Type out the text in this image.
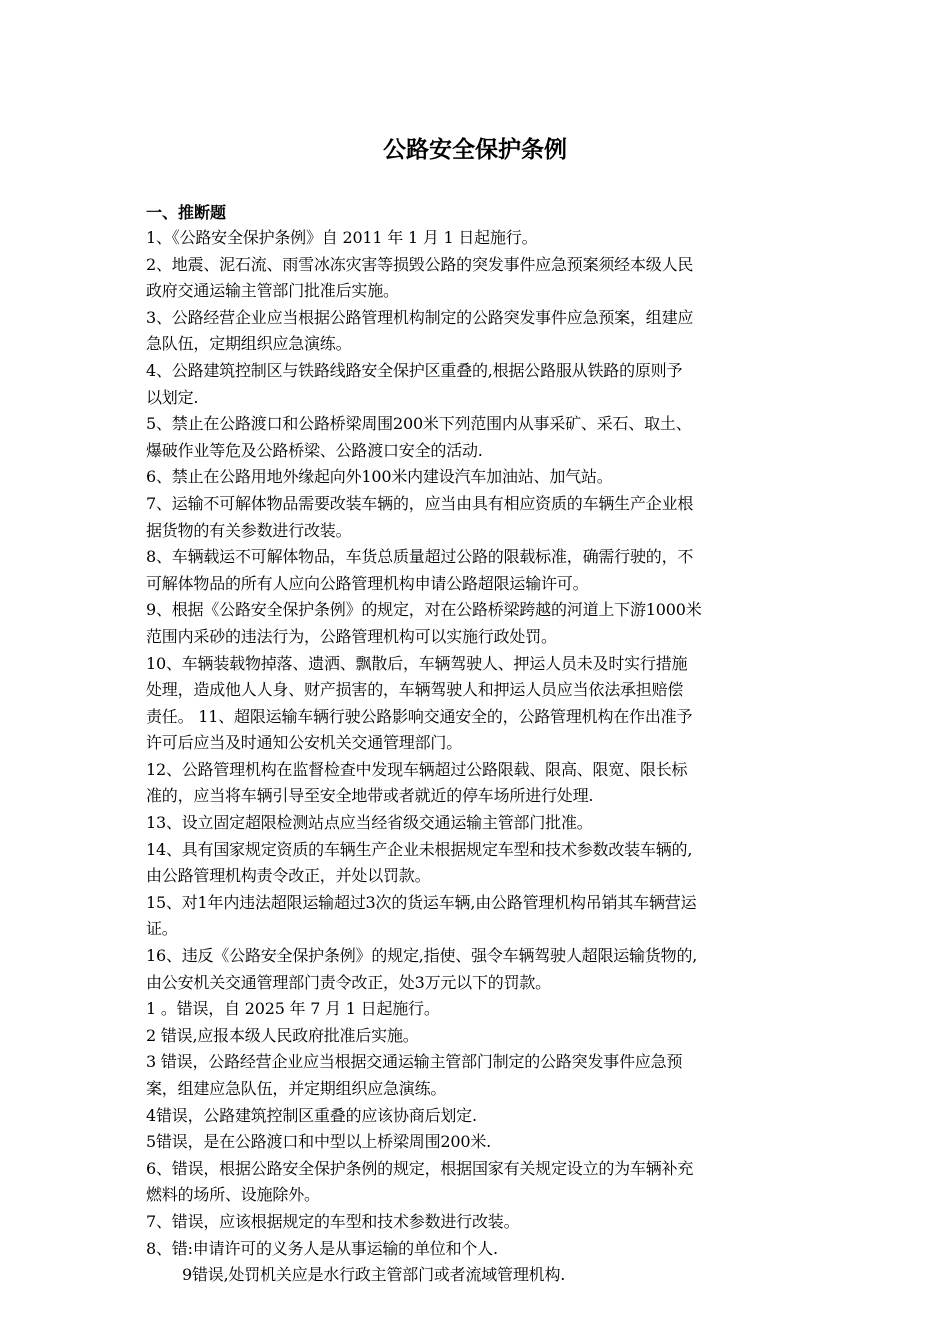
公路安全保护条例
一、推断题

1、《公路安全保护条例》自 2011 年 1 月 1 日起施行。

2、地震、泥石流、雨雪冰冻灾害等损毁公路的突发事件应急预案须经本级人民
政府交通运输主管部门批准后实施。

3、公路经营企业应当根据公路管理机构制定的公路突发事件应急预案，组建应
急队伍，定期组织应急演练。

4、公路建筑控制区与铁路线路安全保护区重叠的,根据公路服从铁路的原则予
以划定.

5、禁止在公路渡口和公路桥梁周围200米下列范围内从事采矿、采石、取土、
爆破作业等危及公路桥梁、公路渡口安全的活动.

6、禁止在公路用地外缘起向外100米内建设汽车加油站、加气站。

7、运输不可解体物品需要改装车辆的，应当由具有相应资质的车辆生产企业根
据货物的有关参数进行改装。

8、车辆载运不可解体物品，车货总质量超过公路的限载标准，确需行驶的，不
可解体物品的所有人应向公路管理机构申请公路超限运输许可。

9、根据《公路安全保护条例》的规定，对在公路桥梁跨越的河道上下游1000米
范围内采砂的违法行为，公路管理机构可以实施行政处罚。

10、车辆装载物掉落、遗洒、飘散后，车辆驾驶人、押运人员未及时实行措施
处理，造成他人人身、财产损害的，车辆驾驶人和押运人员应当依法承担赔偿
责任。 11、超限运输车辆行驶公路影响交通安全的，公路管理机构在作出准予
许可后应当及时通知公安机关交通管理部门。

12、公路管理机构在监督检查中发现车辆超过公路限载、限高、限宽、限长标
准的，应当将车辆引导至安全地带或者就近的停车场所进行处理.

13、设立固定超限检测站点应当经省级交通运输主管部门批准。

14、具有国家规定资质的车辆生产企业未根据规定车型和技术参数改装车辆的,
由公路管理机构责令改正，并处以罚款。

15、对1年内违法超限运输超过3次的货运车辆,由公路管理机构吊销其车辆营运
证。

16、违反《公路安全保护条例》的规定,指使、强令车辆驾驶人超限运输货物的,
由公安机关交通管理部门责令改正，处3万元以下的罚款。

1 。错误，自 2025 年 7 月 1 日起施行。

2 错误,应报本级人民政府批准后实施。

3 错误，公路经营企业应当根据交通运输主管部门制定的公路突发事件应急预
案，组建应急队伍，并定期组织应急演练。

4错误，公路建筑控制区重叠的应该协商后划定.

5错误，是在公路渡口和中型以上桥梁周围200米.

6、错误，根据公路安全保护条例的规定，根据国家有关规定设立的为车辆补充
燃料的场所、设施除外。

7、错误，应该根据规定的车型和技术参数进行改装。

8、错:申请许可的义务人是从事运输的单位和个人.

9错误,处罚机关应是水行政主管部门或者流域管理机构.
